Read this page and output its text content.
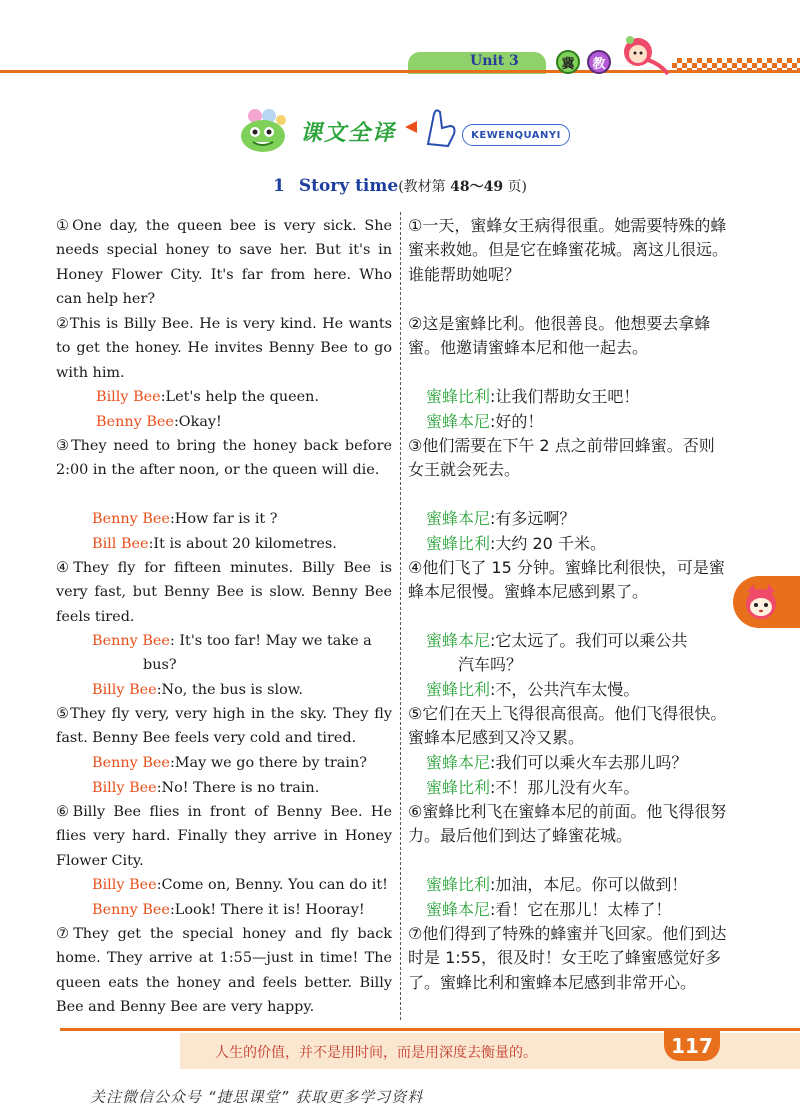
Unit 3	冀	教
课文全译	KEWENQUANYI
1 Story time(教材第 48～49 页)
①One day, the queen bee is very sick. She needs special honey to save her. But it's in Honey Flower City. It's far from here. Who can help her?
②This is Billy Bee. He is very kind. He wants to get the honey. He invites Benny Bee to go with him.
Billy Bee:Let's help the queen.
Benny Bee:Okay!
③They need to bring the honey back before 2:00 in the after noon, or the queen will die.
Benny Bee:How far is it ?
Bill Bee:It is about 20 kilometres.
④They fly for fifteen minutes. Billy Bee is very fast, but Benny Bee is slow. Benny Bee feels tired.
Benny Bee: It's too far! May we take a
bus?
Billy Bee:No, the bus is slow.
⑤They fly very, very high in the sky. They fly fast. Benny Bee feels very cold and tired.
Benny Bee:May we go there by train?
Billy Bee:No! There is no train.
⑥Billy Bee flies in front of Benny Bee. He flies very hard. Finally they arrive in Honey Flower City.
Billy Bee:Come on, Benny. You can do it!
Benny Bee:Look! There it is! Hooray!
⑦They get the special honey and fly back home. They arrive at 1:55—just in time! The queen eats the honey and feels better. Billy Bee and Benny Bee are very happy.
①一天，蜜蜂女王病得很重。她需要特殊的蜂蜜来救她。但是它在蜂蜜花城。离这儿很远。谁能帮助她呢？
②这是蜜蜂比利。他很善良。他想要去拿蜂蜜。他邀请蜜蜂本尼和他一起去。
蜜蜂比利:让我们帮助女王吧！
蜜蜂本尼:好的！
③他们需要在下午 2 点之前带回蜂蜜。否则女王就会死去。
蜜蜂本尼:有多远啊？
蜜蜂比利:大约 20 千米。
④他们飞了 15 分钟。蜜蜂比利很快，可是蜜蜂本尼很慢。蜜蜂本尼感到累了。
蜜蜂本尼:它太远了。我们可以乘公共
汽车吗？
蜜蜂比利:不，公共汽车太慢。
⑤它们在天上飞得很高很高。他们飞得很快。蜜蜂本尼感到又冷又累。
蜜蜂本尼:我们可以乘火车去那儿吗？
蜜蜂比利:不！那儿没有火车。
⑥蜜蜂比利飞在蜜蜂本尼的前面。他飞得很努力。最后他们到达了蜂蜜花城。
蜜蜂比利:加油，本尼。你可以做到！
蜜蜂本尼:看！它在那儿！太棒了！
⑦他们得到了特殊的蜂蜜并飞回家。他们到达时是 1:55，很及时！女王吃了蜂蜜感觉好多了。蜜蜂比利和蜜蜂本尼感到非常开心。
人生的价值，并不是用时间，而是用深度去衡量的。	117
关注微信公众号 “捷思课堂” 获取更多学习资料
